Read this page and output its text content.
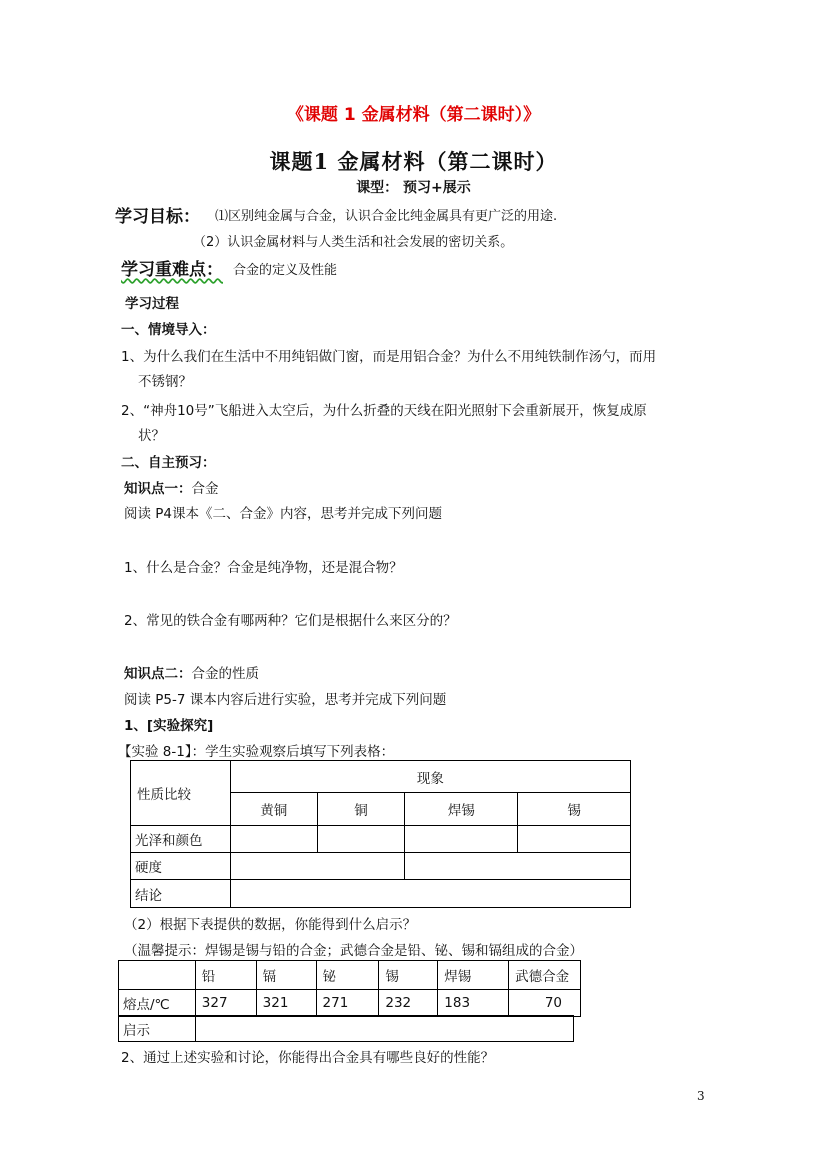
《课题 1 金属材料（第二课时）》
课题1 金属材料（第二课时）
课型： 预习+展示
学习目标： ⑴区别纯金属与合金，认识合金比纯金属具有更广泛的用途.
（2）认识金属材料与人类生活和社会发展的密切关系。
学习重难点： 合金的定义及性能
学习过程
一、情境导入：
1、为什么我们在生活中不用纯铝做门窗，而是用铝合金？为什么不用纯铁制作汤勺，而用
不锈钢？
2、“神舟10号”飞船进入太空后，为什么折叠的天线在阳光照射下会重新展开，恢复成原
状？
二、自主预习：
知识点一：合金
阅读 P4课本《二、合金》内容，思考并完成下列问题
1、什么是合金？合金是纯净物，还是混合物？
2、常见的铁合金有哪两种？它们是根据什么来区分的？
知识点二：合金的性质
阅读 P5-7 课本内容后进行实验，思考并完成下列问题
1、[实验探究]
【实验 8-1】：学生实验观察后填写下列表格：
性质比较	现象			
	黄铜	铜	焊锡	锡
光泽和颜色				
硬度				
结论				
（2）根据下表提供的数据，你能得到什么启示？
（温馨提示：焊锡是锡与铅的合金；武德合金是铅、铋、锡和镉组成的合金）
	铅	镉	铋	锡	焊锡	武德合金
熔点/℃	327	321	271	232	183	70
启示	
2、通过上述实验和讨论，你能得出合金具有哪些良好的性能？
3
